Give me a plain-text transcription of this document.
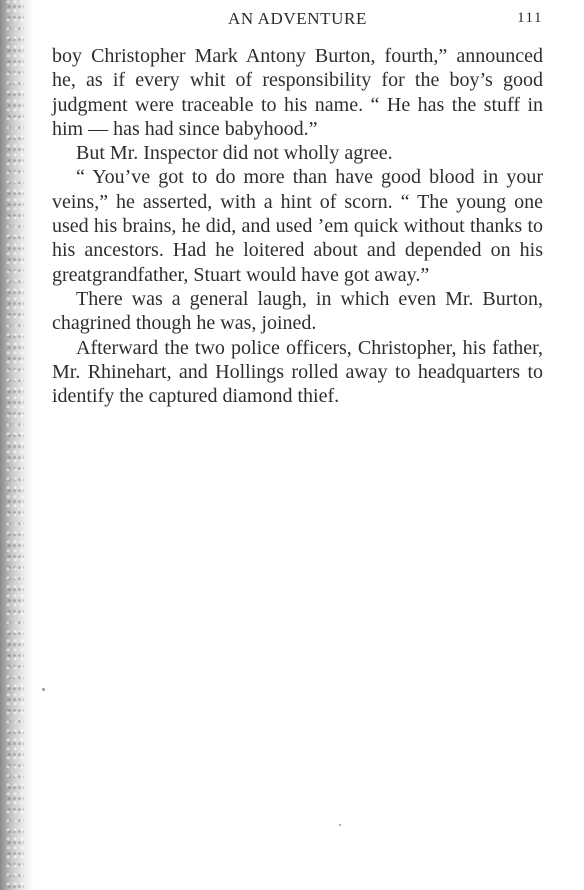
AN ADVENTURE	111

boy Christopher Mark Antony Burton, fourth,” announced he, as if every whit of responsibility for the boy’s good judgment were traceable to his name. “ He has the stuff in him — has had since babyhood.”

But Mr. Inspector did not wholly agree.

“ You’ve got to do more than have good blood in your veins,” he asserted, with a hint of scorn. “ The young one used his brains, he did, and used ’em quick without thanks to his ancestors. Had he loitered about and depended on his greatgrandfather, Stuart would have got away.”

There was a general laugh, in which even Mr. Burton, chagrined though he was, joined.

Afterward the two police officers, Christopher, his father, Mr. Rhinehart, and Hollings rolled away to headquarters to identify the captured diamond thief.
